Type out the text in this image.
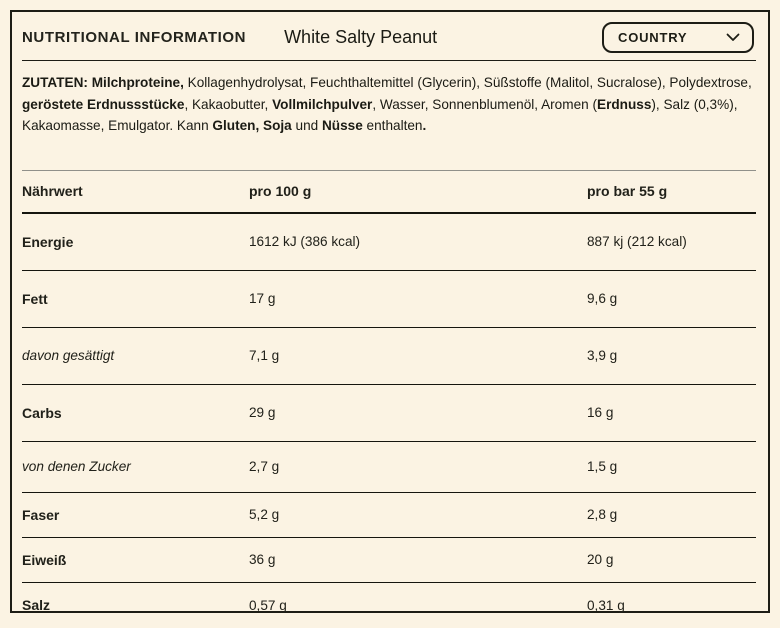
NUTRITIONAL INFORMATION White Salty Peanut	COUNTRY

ZUTATEN: Milchproteine, Kollagenhydrolysat, Feuchthaltemittel (Glycerin), Süßstoffe (Malitol, Sucralose), Polydextrose, geröstete Erdnussstücke, Kakaobutter, Vollmilchpulver, Wasser, Sonnenblumenöl, Aromen (Erdnuss), Salz (0,3%), Kakaomasse, Emulgator. Kann Gluten, Soja und Nüsse enthalten.

Nährwert	pro 100 g	pro bar 55 g
Energie	1612 kJ (386 kcal)	887 kj (212 kcal)
Fett	17 g	9,6 g
davon gesättigt	7,1 g	3,9 g
Carbs	29 g	16 g
von denen Zucker	2,7 g	1,5 g
Faser	5,2 g	2,8 g
Eiweiß	36 g	20 g
Salz	0,57 g	0,31 g
